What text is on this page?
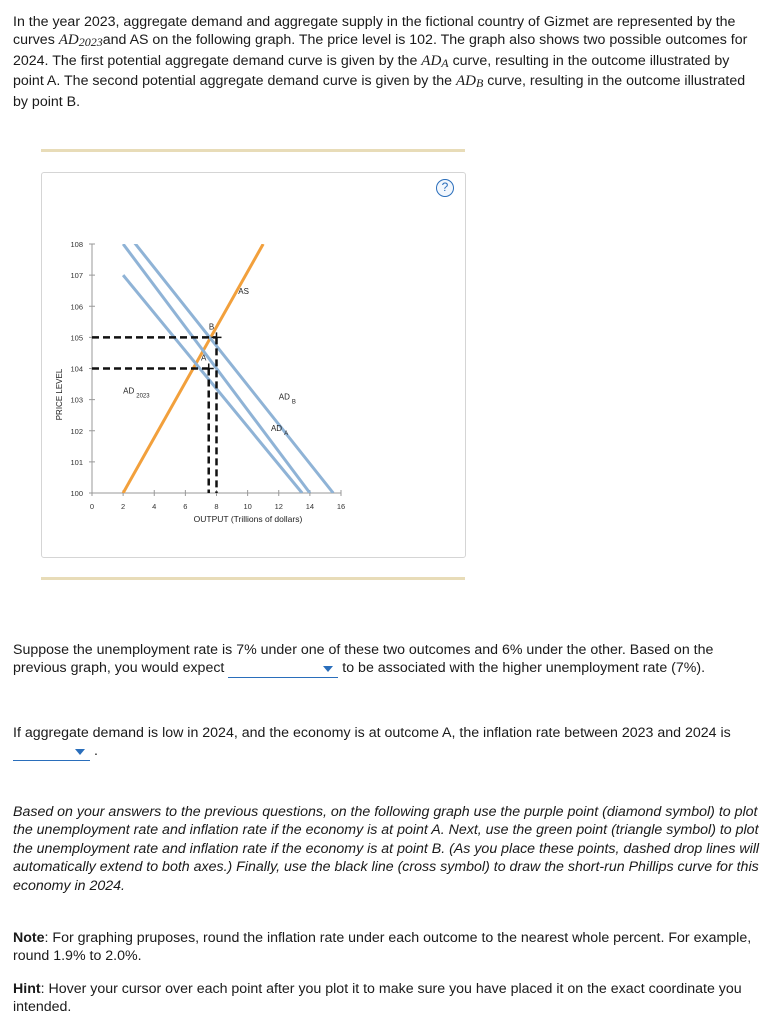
In the year 2023, aggregate demand and aggregate supply in the fictional country of Gizmet are represented by the curves $AD_{2023}and$ AS on the following graph. The price level is 102. The graph also shows two possible outcomes for 2024. The first potential aggregate demand curve is given by the $AD_A$ curve, resulting in the outcome illustrated by point A. The second potential aggregate demand curve is given by the $AD_B$ curve, resulting in the outcome illustrated by point B.

100
101
102
103
104
105
106
107
108
0	2	4	6	8	10	12	14	16
OUTPUT (Trillions of dollars)
PRICE LEVEL
A
B
AS
$AD_{2023}$
$AD_A$
$AD_B$
?

Suppose the unemployment rate is 7% under one of these two outcomes and 6% under the other. Based on the previous graph, you would expect	to be associated with the higher unemployment rate (7%).

If aggregate demand is low in 2024, and the economy is at outcome A, the inflation rate between 2023 and 2024 is
.

Based on your answers to the previous questions, on the following graph use the purple point (diamond symbol) to plot the unemployment rate and inflation rate if the economy is at point A. Next, use the green point (triangle symbol) to plot the unemployment rate and inflation rate if the economy is at point B. (As you place these points, dashed drop lines will automatically extend to both axes.) Finally, use the black line (cross symbol) to draw the short-run Phillips curve for this economy in 2024.

Note: For graphing pruposes, round the inflation rate under each outcome to the nearest whole percent. For example, round 1.9% to 2.0%.

Hint: Hover your cursor over each point after you plot it to make sure you have placed it on the exact coordinate you intended.
